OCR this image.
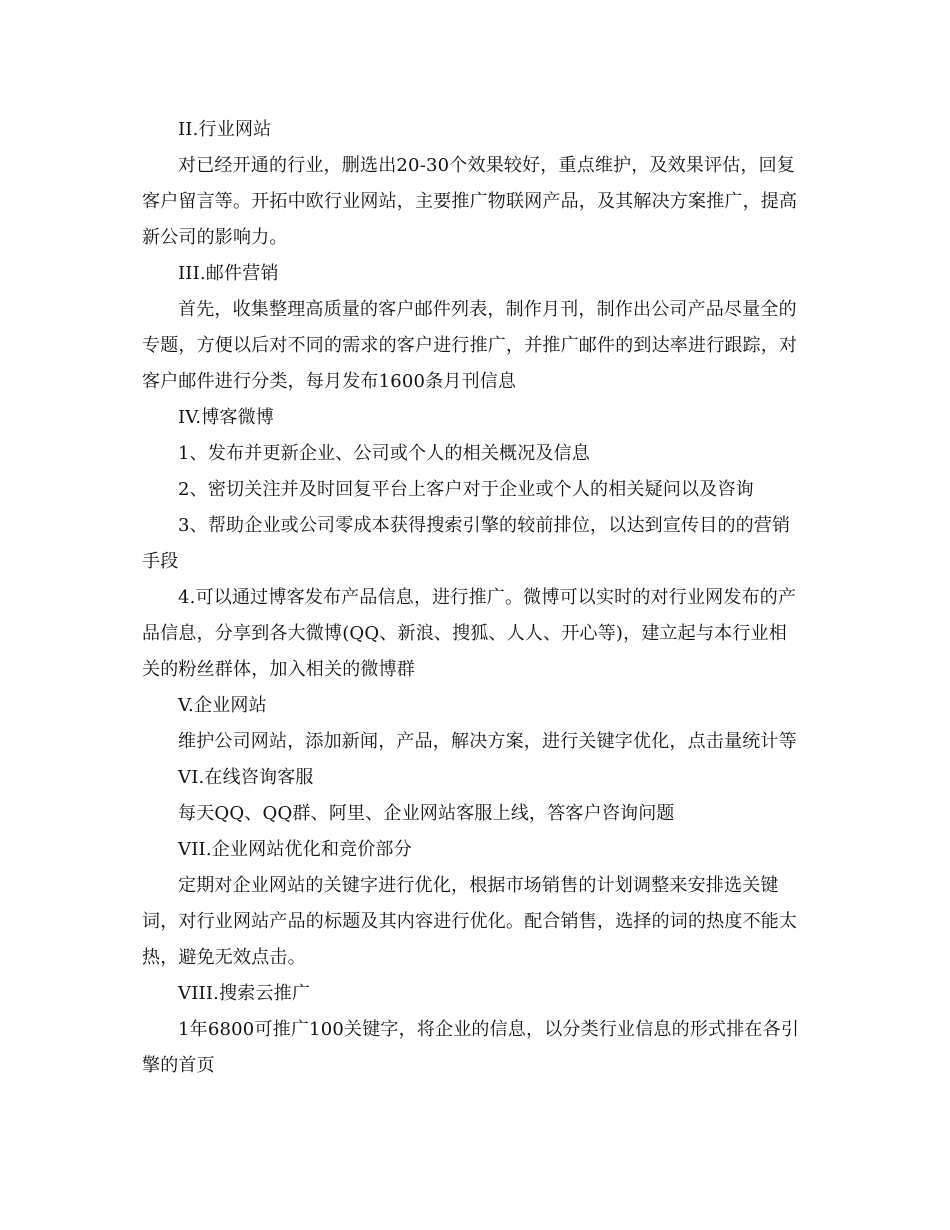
II.行业网站

对已经开通的行业，删选出20-30个效果较好，重点维护，及效果评估，回复客户留言等。开拓中欧行业网站，主要推广物联网产品，及其解决方案推广，提高新公司的影响力。

III.邮件营销

首先，收集整理高质量的客户邮件列表，制作月刊，制作出公司产品尽量全的专题，方便以后对不同的需求的客户进行推广，并推广邮件的到达率进行跟踪，对客户邮件进行分类，每月发布1600条月刊信息

IV.博客微博

1、发布并更新企业、公司或个人的相关概况及信息

2、密切关注并及时回复平台上客户对于企业或个人的相关疑问以及咨询

3、帮助企业或公司零成本获得搜索引擎的较前排位，以达到宣传目的的营销手段

4.可以通过博客发布产品信息，进行推广。微博可以实时的对行业网发布的产品信息，分享到各大微博(QQ、新浪、搜狐、人人、开心等)，建立起与本行业相关的粉丝群体，加入相关的微博群

V.企业网站

维护公司网站，添加新闻，产品，解决方案，进行关键字优化，点击量统计等

VI.在线咨询客服

每天QQ、QQ群、阿里、企业网站客服上线，答客户咨询问题

VII.企业网站优化和竞价部分

定期对企业网站的关键字进行优化，根据市场销售的计划调整来安排选关键词，对行业网站产品的标题及其内容进行优化。配合销售，选择的词的热度不能太热，避免无效点击。

VIII.搜索云推广

1年6800可推广100关键字，将企业的信息，以分类行业信息的形式排在各引擎的首页
